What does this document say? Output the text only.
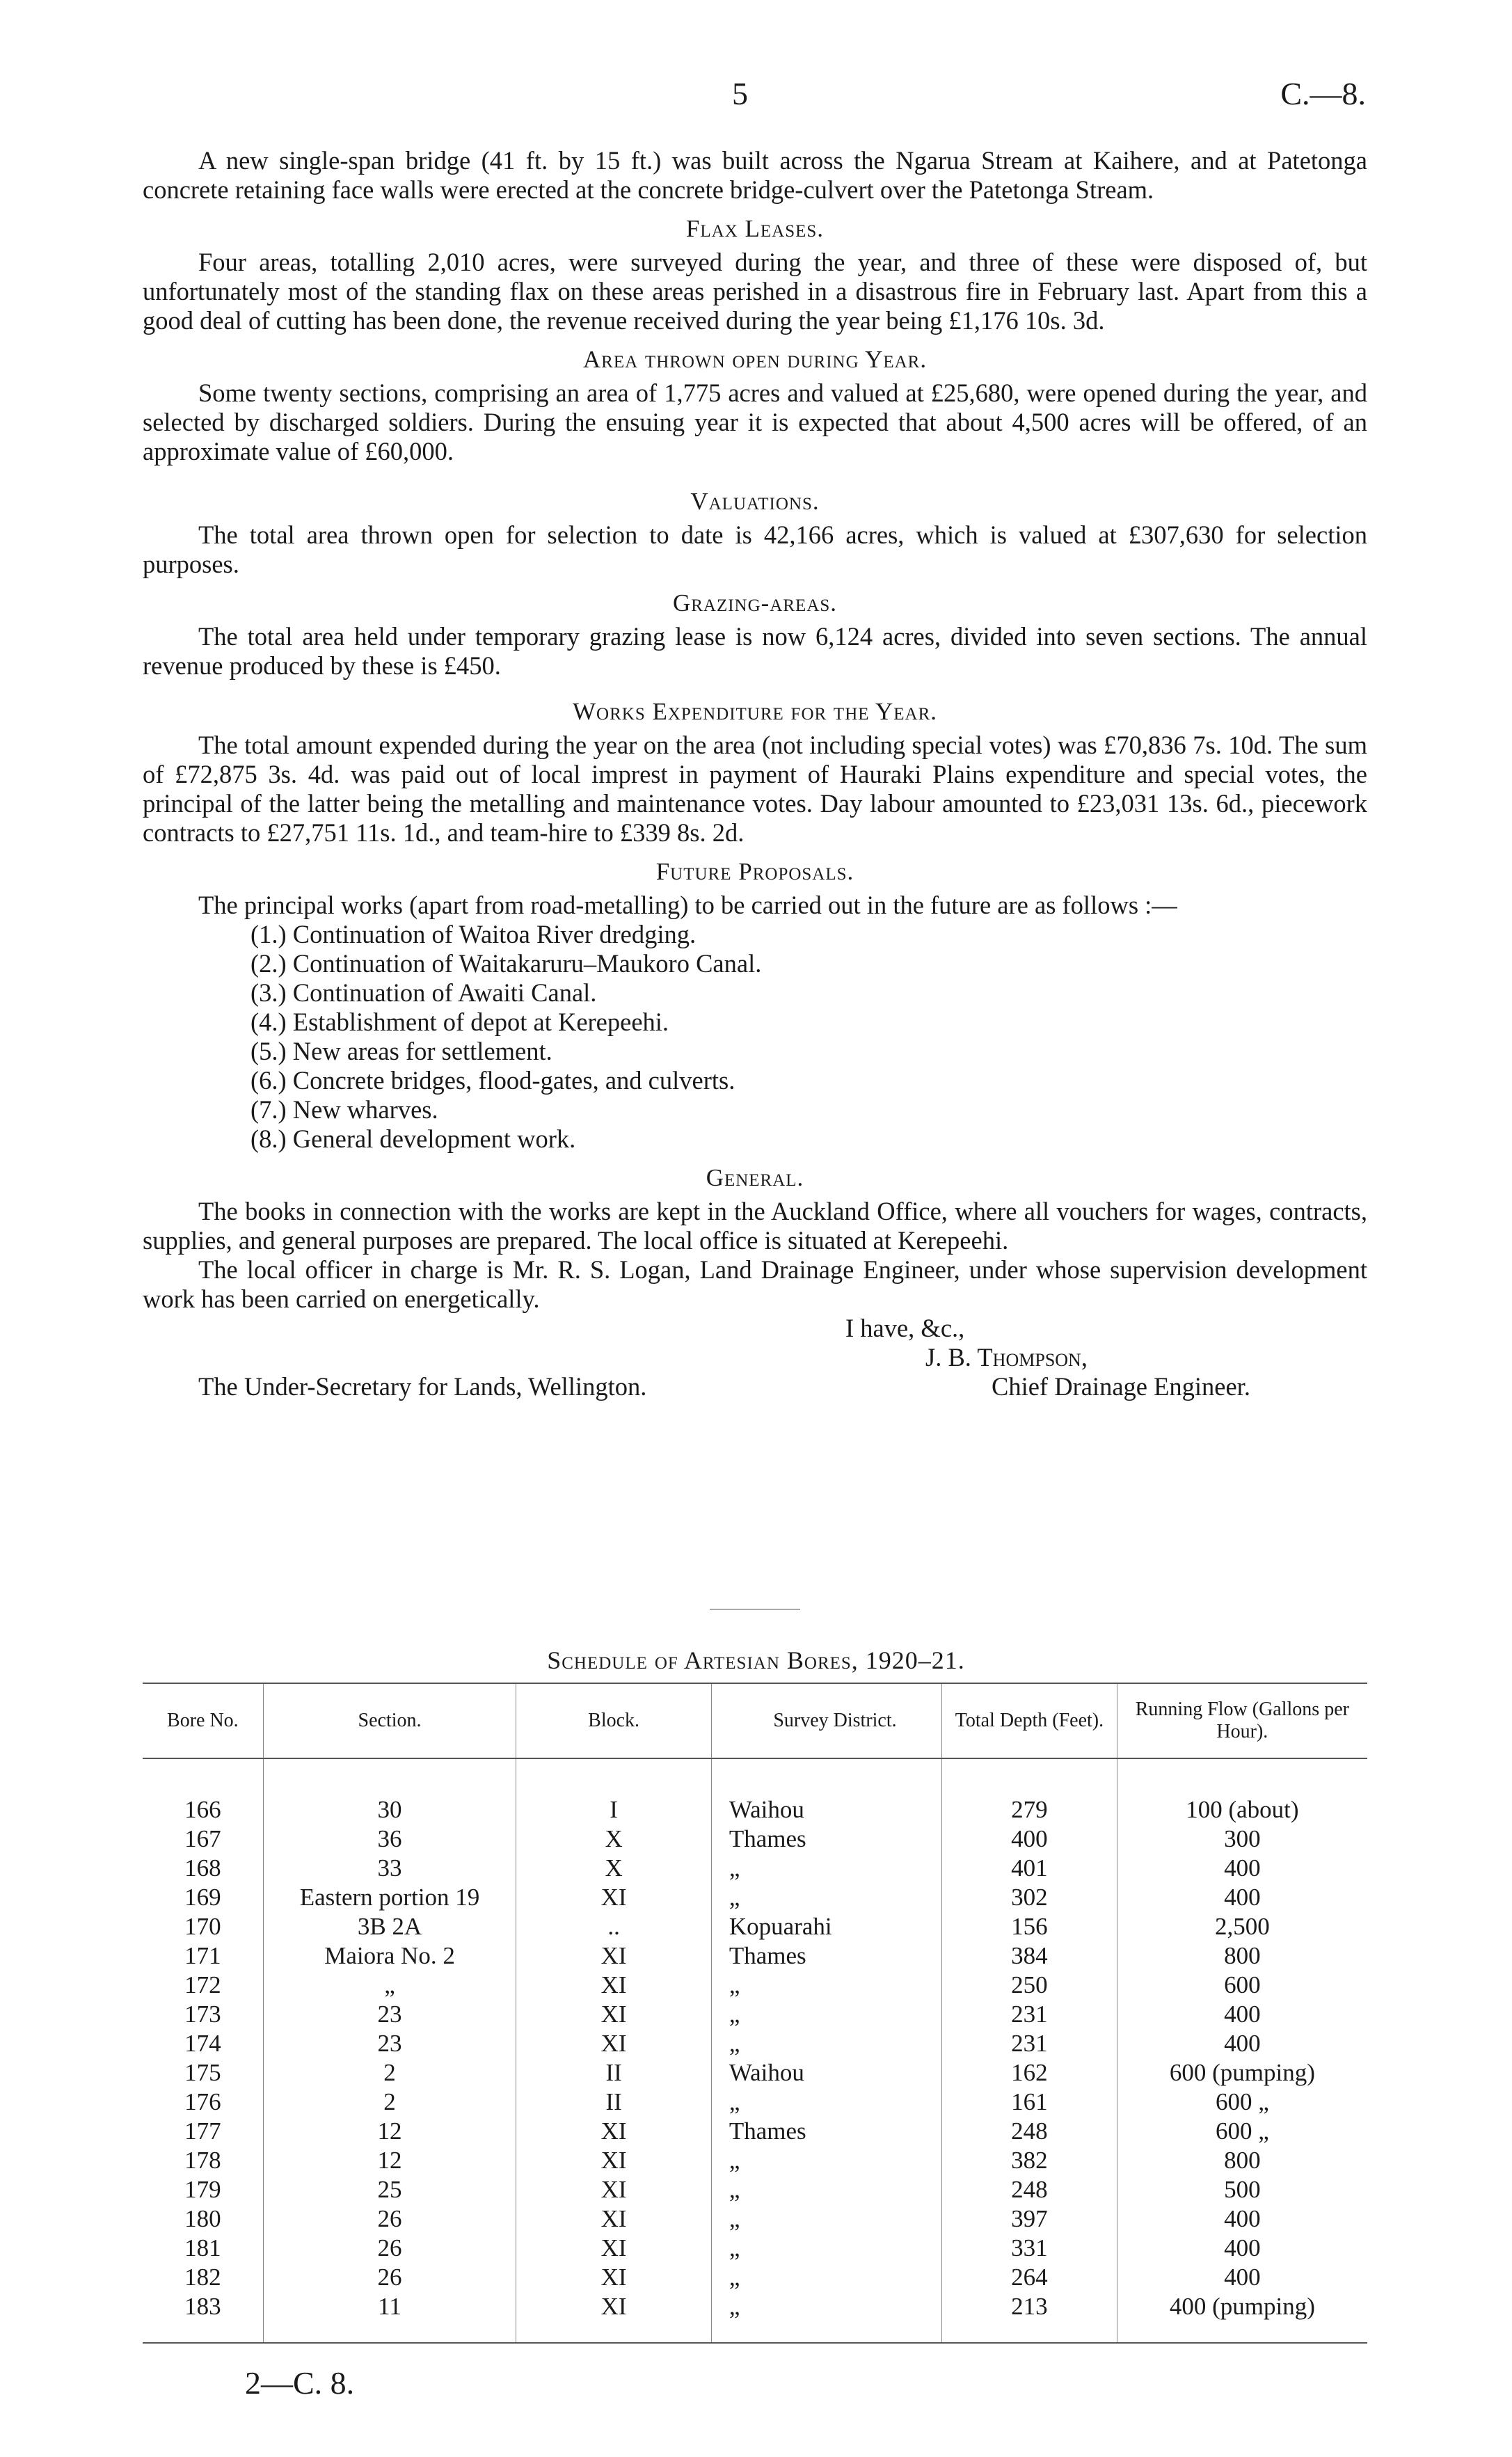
5	C.—8.

A new single-span bridge (41 ft. by 15 ft.) was built across the Ngarua Stream at Kaihere, and at Patetonga concrete retaining face walls were erected at the concrete bridge-culvert over the Patetonga Stream.

Flax Leases.

Four areas, totalling 2,010 acres, were surveyed during the year, and three of these were disposed of, but unfortunately most of the standing flax on these areas perished in a disastrous fire in February last. Apart from this a good deal of cutting has been done, the revenue received during the year being £1,176 10s. 3d.

Area thrown open during Year.

Some twenty sections, comprising an area of 1,775 acres and valued at £25,680, were opened during the year, and selected by discharged soldiers. During the ensuing year it is expected that about 4,500 acres will be offered, of an approximate value of £60,000.

Valuations.

The total area thrown open for selection to date is 42,166 acres, which is valued at £307,630 for selection purposes.

Grazing-areas.

The total area held under temporary grazing lease is now 6,124 acres, divided into seven sections. The annual revenue produced by these is £450.

Works Expenditure for the Year.

The total amount expended during the year on the area (not including special votes) was £70,836 7s. 10d. The sum of £72,875 3s. 4d. was paid out of local imprest in payment of Hauraki Plains expenditure and special votes, the principal of the latter being the metalling and maintenance votes. Day labour amounted to £23,031 13s. 6d., piecework contracts to £27,751 11s. 1d., and team-hire to £339 8s. 2d.

Future Proposals.

The principal works (apart from road-metalling) to be carried out in the future are as follows :—

(1.) Continuation of Waitoa River dredging.
(2.) Continuation of Waitakaruru–Maukoro Canal.
(3.) Continuation of Awaiti Canal.
(4.) Establishment of depot at Kerepeehi.
(5.) New areas for settlement.
(6.) Concrete bridges, flood-gates, and culverts.
(7.) New wharves.
(8.) General development work.
General.

The books in connection with the works are kept in the Auckland Office, where all vouchers for wages, contracts, supplies, and general purposes are prepared. The local office is situated at Kerepeehi.

The local officer in charge is Mr. R. S. Logan, Land Drainage Engineer, under whose supervision development work has been carried on energetically.

I have, &c.,
J. B. Thompson,
The Under-Secretary for Lands, Wellington.	Chief Drainage Engineer.
Schedule of Artesian Bores, 1920–21.
Bore No.	Section.	Block.	Survey District.	Total Depth (Feet).	Running Flow (Gallons per Hour).

166	30	I	Waihou	279	100 (about)
167	36	X	Thames	400	300
168	33	X	„	401	400
169	Eastern portion 19	XI	„	302	400
170	3B 2A	..	Kopuarahi	156	2,500
171	Maiora No. 2	XI	Thames	384	800
172	„	XI	„	250	600
173	23	XI	„	231	400
174	23	XI	„	231	400
175	2	II	Waihou	162	600 (pumping)
176	2	II	„	161	600 „
177	12	XI	Thames	248	600 „
178	12	XI	„	382	800
179	25	XI	„	248	500
180	26	XI	„	397	400
181	26	XI	„	331	400
182	26	XI	„	264	400
183	11	XI	„	213	400 (pumping)

2—C. 8.
